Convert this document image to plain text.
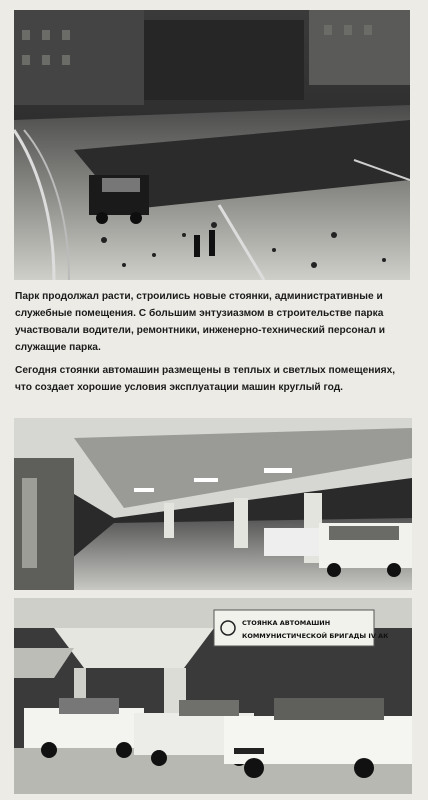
Парк продолжал расти, строились новые стоянки, административные и служебные помещения. С большим энтузиазмом в строительстве парка участвовали водители, ремонтники, инженерно-технический персонал и служащие парка.

Сегодня стоянки автомашин размещены в теплых и светлых помещениях, что создает хорошие условия эксплуатации машин круглый год.

СТОЯНКА АВТОМАШИН
КОММУНИСТИЧЕСКОЙ БРИГАДЫ IV АК
